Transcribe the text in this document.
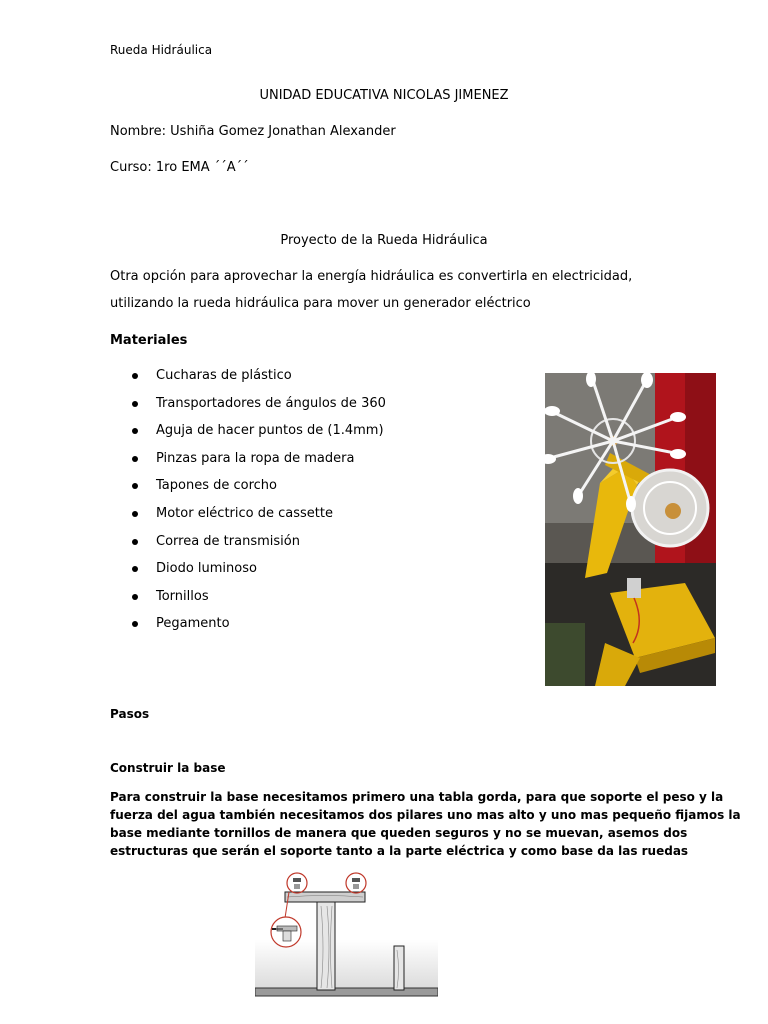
Rueda Hidráulica
UNIDAD EDUCATIVA NICOLAS JIMENEZ
Nombre: Ushiña Gomez Jonathan Alexander
Curso: 1ro EMA ´´A´´
Proyecto de la Rueda Hidráulica
Otra opción para aprovechar la energía hidráulica es convertirla en electricidad,
utilizando la rueda hidráulica para mover un generador eléctrico
Materiales
Cucharas de plástico
Transportadores de ángulos de 360
Aguja de hacer puntos de (1.4mm)
Pinzas para la ropa de madera
Tapones de corcho
Motor eléctrico de cassette
Correa de transmisión
Diodo luminoso
Tornillos
Pegamento
Pasos
Construir la base
Para construir la base necesitamos primero una tabla gorda, para que soporte el peso y la
fuerza del agua también necesitamos dos pilares uno mas alto y uno mas pequeño fijamos la
base mediante tornillos de manera que queden seguros y no se muevan, asemos dos
estructuras que serán el soporte tanto a la parte eléctrica y como base da las ruedas
